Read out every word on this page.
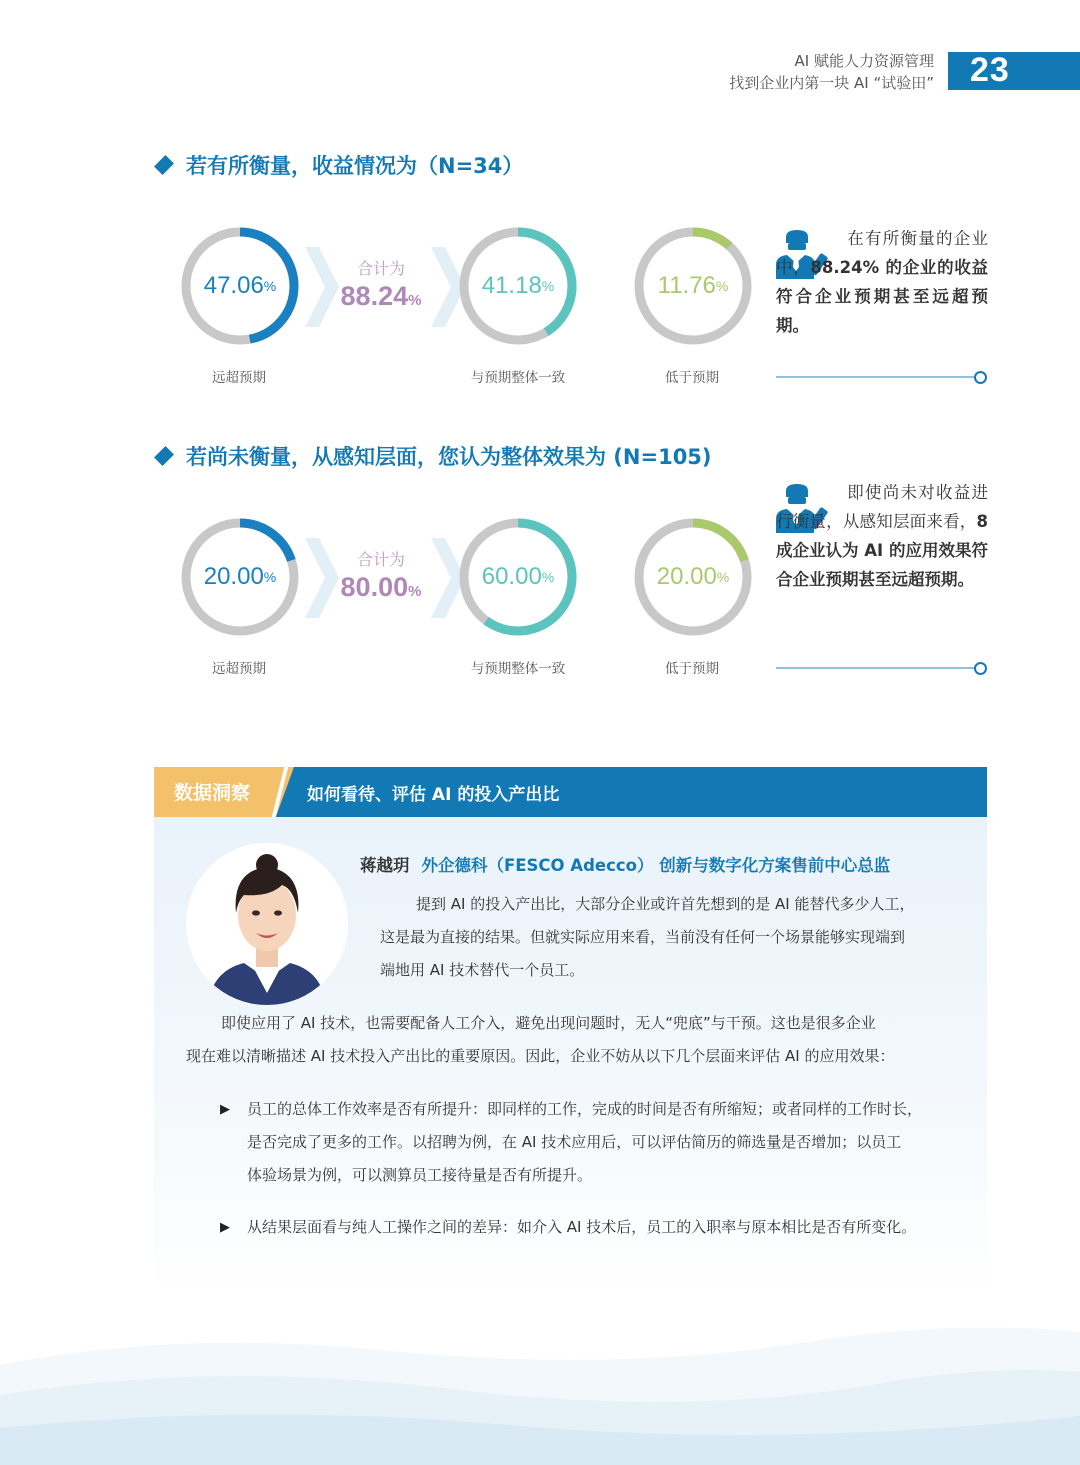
AI 赋能人力资源管理
找到企业内第一块 AI “试验田” 23
若有所衡量，收益情况为（N=34）
47.06 %
远超预期
合计为
88.24%
41.18 %
与预期整体一致
11.76 %
低于预期
在有所衡量的企业中，88.24% 的企业的收益符合企业预期甚至远超预期。
若尚未衡量，从感知层面，您认为整体效果为 (N=105)
20.00 %
远超预期
合计为
80.00%
60.00 %
与预期整体一致
20.00 %
低于预期
即使尚未对收益进行衡量，从感知层面来看，8 成企业认为 AI 的应用效果符合企业预期甚至远超预期。
数据洞察	如何看待、评估 AI 的投入产出比
蒋越玥 外企德科（FESCO Adecco） 创新与数字化方案售前中心总监
提到 AI 的投入产出比，大部分企业或许首先想到的是 AI 能替代多少人工，
这是最为直接的结果。但就实际应用来看，当前没有任何一个场景能够实现端到
端地用 AI 技术替代一个员工。
即使应用了 AI 技术，也需要配备人工介入，避免出现问题时，无人“兜底”与干预。这也是很多企业
现在难以清晰描述 AI 技术投入产出比的重要原因。因此，企业不妨从以下几个层面来评估 AI 的应用效果：
▶ 员工的总体工作效率是否有所提升：即同样的工作，完成的时间是否有所缩短；或者同样的工作时长，
是否完成了更多的工作。以招聘为例，在 AI 技术应用后，可以评估简历的筛选量是否增加；以员工
体验场景为例，可以测算员工接待量是否有所提升。
▶ 从结果层面看与纯人工操作之间的差异：如介入 AI 技术后，员工的入职率与原本相比是否有所变化。
